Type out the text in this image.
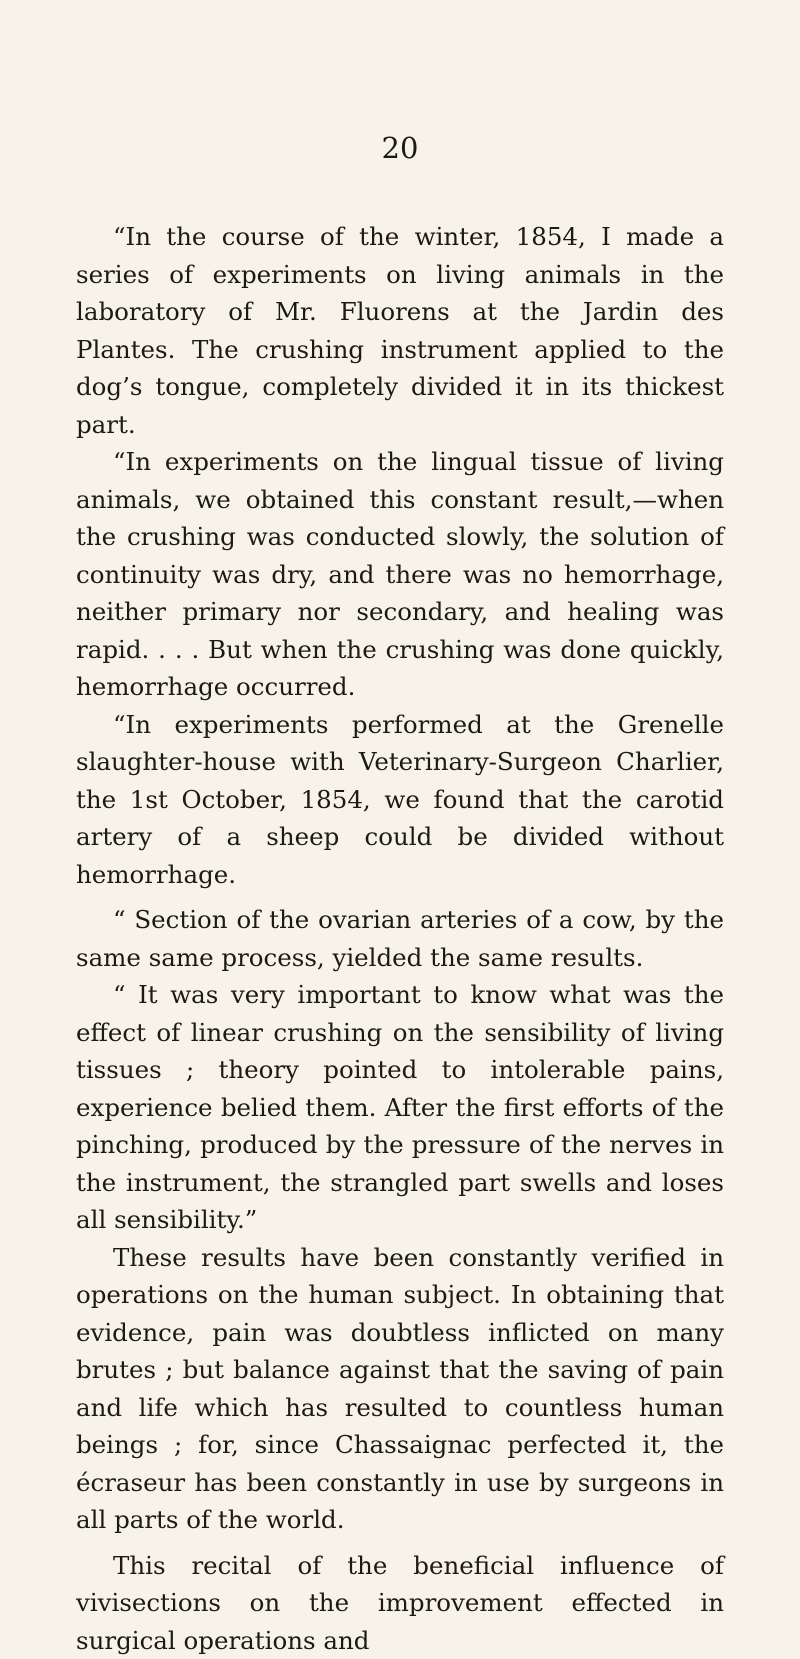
20

“In the course of the winter, 1854, I made a series of experiments on living animals in the laboratory of Mr. Fluorens at the Jardin des Plantes. The crushing instrument applied to the dog’s tongue, completely divided it in its thickest part.

“In experiments on the lingual tissue of living animals, we obtained this constant result,—when the crushing was conducted slowly, the solution of continuity was dry, and there was no hemorrhage, neither primary nor secondary, and healing was rapid. . . . But when the crushing was done quickly, hemorrhage occurred.

“In experiments performed at the Grenelle slaughter-house with Veterinary-Surgeon Charlier, the 1st October, 1854, we found that the carotid artery of a sheep could be divided without hemorrhage.

“ Section of the ovarian arteries of a cow, by the same same process, yielded the same results.

“ It was very important to know what was the effect of linear crushing on the sensibility of living tissues ; theory pointed to intolerable pains, experience belied them. After the first efforts of the pinching, produced by the pressure of the nerves in the instrument, the strangled part swells and loses all sensibility.”

These results have been constantly verified in operations on the human subject. In obtaining that evidence, pain was doubtless inflicted on many brutes ; but balance against that the saving of pain and life which has resulted to countless human beings ; for, since Chassaignac perfected it, the écraseur has been constantly in use by surgeons in all parts of the world.

This recital of the beneficial influence of vivisections on the improvement effected in surgical operations and
